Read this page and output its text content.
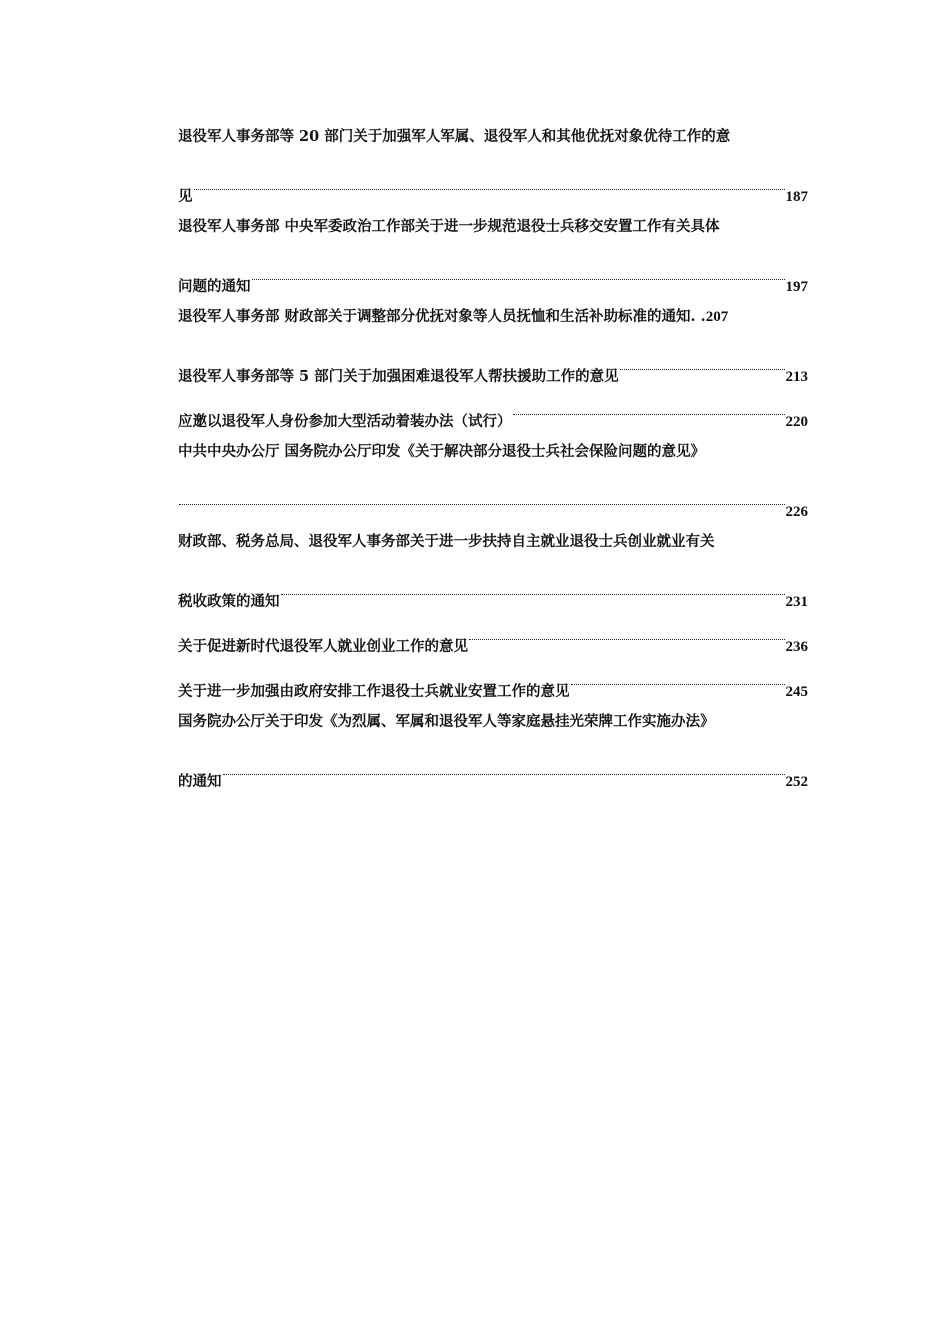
退役军人事务部等 20 部门关于加强军人军属、退役军人和其他优抚对象优待工作的意
见	187
退役军人事务部 中央军委政治工作部关于进一步规范退役士兵移交安置工作有关具体
问题的通知	197
退役军人事务部 财政部关于调整部分优抚对象等人员抚恤和生活补助标准的通知. . 207
退役军人事务部等 5 部门关于加强困难退役军人帮扶援助工作的意见	213
应邀以退役军人身份参加大型活动着装办法（试行）	220
中共中央办公厅 国务院办公厅印发《关于解决部分退役士兵社会保险问题的意见》
226
财政部、税务总局、退役军人事务部关于进一步扶持自主就业退役士兵创业就业有关
税收政策的通知	231
关于促进新时代退役军人就业创业工作的意见	236
关于进一步加强由政府安排工作退役士兵就业安置工作的意见	245
国务院办公厅关于印发《为烈属、军属和退役军人等家庭悬挂光荣牌工作实施办法》
的通知	252
